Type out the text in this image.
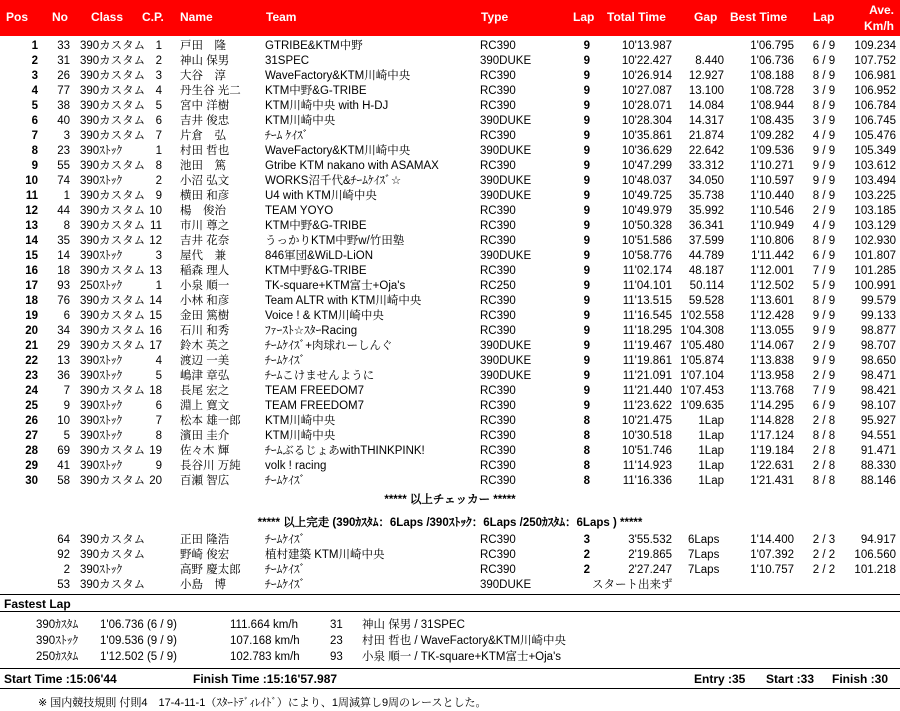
Pos No Class C.P. Name	Team	Type	Lap Total Time Gap Best Time Lap	Ave.
Km/h
1	33 390カスタム 1 戸田　隆	GTRIBE&KTM中野	RC390	9	10'13.987	1'06.795	6 / 9	109.234
2	31 390カスタム 2 神山 保男	31SPEC	390DUKE	9	10'22.427	8.440	1'06.736	6 / 9	107.752
3	26 390カスタム 3 大谷　淳	WaveFactory&KTM川崎中央	RC390	9	10'26.914	12.927	1'08.188	8 / 9	106.981
4	77 390カスタム 4 丹生谷 光二 KTM中野&G-TRIBE	RC390	9	10'27.087	13.100	1'08.728	3 / 9	106.952
5	38 390カスタム 5 宮中 洋樹	KTM川崎中央 with H-DJ	RC390	9	10'28.071	14.084	1'08.944	8 / 9	106.784
6	40 390カスタム 6 吉井 俊忠	KTM川崎中央	390DUKE	9	10'28.304	14.317	1'08.435	3 / 9	106.745
7	3 390カスタム 7 片倉　弘	ﾁｰﾑ ｹｲｽﾞ	RC390	9	10'35.861	21.874	1'09.282	4 / 9	105.476
8	23 390ｽﾄｯｸ	1 村田 哲也	WaveFactory&KTM川崎中央	390DUKE	9	10'36.629	22.642	1'09.536	9 / 9	105.349
9	55 390カスタム 8 池田　篤	Gtribe KTM nakano with ASAMAX	RC390	9	10'47.299	33.312	1'10.271	9 / 9	103.612
10	74 390ｽﾄｯｸ	2 小沼 弘文	WORKS沼千代&ﾁｰﾑｹｲｽﾞ☆	390DUKE	9	10'48.037	34.050	1'10.597	9 / 9	103.494
11	1 390カスタム 9 横田 和彦	U4 with KTM川崎中央	390DUKE	9	10'49.725	35.738	1'10.440	8 / 9	103.225
12	44 390カスタム 10 楊　俊治	TEAM YOYO	RC390	9	10'49.979	35.992	1'10.546	2 / 9	103.185
13	8 390カスタム 11 市川 尊之	KTM中野&G-TRIBE	RC390	9	10'50.328	36.341	1'10.949	4 / 9	103.129
14	35 390カスタム 12 吉井 花奈	うっかりKTM中野w/竹田塾	RC390	9	10'51.586	37.599	1'10.806	8 / 9	102.930
15	14 390ｽﾄｯｸ	3 屋代　兼	846軍団&WiLD-LiON	390DUKE	9	10'58.776	44.789	1'11.442	6 / 9	101.807
16	18 390カスタム 13 稲森 理人	KTM中野&G-TRIBE	RC390	9	11'02.174	48.187	1'12.001	7 / 9	101.285
17	93 250ｽﾄｯｸ	1 小泉 順一	TK-square+KTM富士+Oja's	RC250	9	11'04.101	50.114	1'12.502	5 / 9	100.991
18	76 390カスタム 14 小林 和彦	Team ALTR with KTM川崎中央	RC390	9	11'13.515	59.528	1'13.601	8 / 9	99.579
19	6 390カスタム 15 金田 篤樹	Voice ! & KTM川崎中央	RC390	9	11'16.545 1'02.558	1'12.428	9 / 9	99.133
20	34 390カスタム 16 石川 和秀	ﾌｧｰｽﾄ☆ｽﾀｰRacing	RC390	9	11'18.295 1'04.308	1'13.055	9 / 9	98.877
21	29 390カスタム 17 鈴木 英之	ﾁｰﾑｹｲｽﾞ+肉球れーしんぐ	390DUKE	9	11'19.467 1'05.480	1'14.067	2 / 9	98.707
22	13 390ｽﾄｯｸ	4 渡辺 一美	ﾁｰﾑｹｲｽﾞ	390DUKE	9	11'19.861 1'05.874	1'13.838	9 / 9	98.650
23	36 390ｽﾄｯｸ	5 嶋津 章弘	ﾁｰﾑこけませんように	390DUKE	9	11'21.091 1'07.104	1'13.958	2 / 9	98.471
24	7 390カスタム 18 長尾 宏之	TEAM FREEDOM7	RC390	9	11'21.440 1'07.453	1'13.768	7 / 9	98.421
25	9 390ｽﾄｯｸ	6 淵上 寛文	TEAM FREEDOM7	RC390	9	11'23.622 1'09.635	1'14.295	6 / 9	98.107
26	10 390ｽﾄｯｸ	7 松本 雄一郎 KTM川崎中央	RC390	8	10'21.475	1Lap	1'14.828	2 / 8	95.927
27	5 390ｽﾄｯｸ	8 濱田 圭介	KTM川崎中央	RC390	8	10'30.518	1Lap	1'17.124	8 / 8	94.551
28	69 390カスタム 19 佐々木 輝	ﾁｰﾑぶるじょあwithTHINKPINK!	RC390	8	10'51.746	1Lap	1'19.184	2 / 8	91.471
29	41 390ｽﾄｯｸ	9 長谷川 万純 volk ! racing	RC390	8	11'14.923	1Lap	1'22.631	2 / 8	88.330
30	58 390カスタム 20 百瀬 智広	ﾁｰﾑｹｲｽﾞ	RC390	8	11'16.336	1Lap	1'21.431	8 / 8	88.146
***** 以上チェッカー *****
***** 以上完走 (390ｶｽﾀﾑ：6Laps /390ｽﾄｯｸ：6Laps /250ｶｽﾀﾑ：6Laps ) *****
64 390カスタム	正田 隆浩	ﾁｰﾑｹｲｽﾞ	RC390	3	3'55.532 6Laps	1'14.400	2 / 3	94.917
92 390カスタム	野崎 俊宏	植村建築 KTM川崎中央	RC390	2	2'19.865 7Laps	1'07.392	2 / 2	106.560
2 390ｽﾄｯｸ	高野 慶太郎 ﾁｰﾑｹｲｽﾞ	RC390	2	2'27.247 7Laps	1'10.757	2 / 2	101.218
53 390カスタム	小島　博	ﾁｰﾑｹｲｽﾞ	390DUKE	スタート出来ず
Fastest Lap
390ｶｽﾀﾑ 1'06.736 (6 / 9)	111.664 km/h	31 神山 保男 / 31SPEC
390ｽﾄｯｸ 1'09.536 (9 / 9)	107.168 km/h	23 村田 哲也 / WaveFactory&KTM川崎中央
250ｶｽﾀﾑ 1'12.502 (5 / 9)	102.783 km/h	93 小泉 順一 / TK-square+KTM富士+Oja's
Start Time :15:06'44	Finish Time :15:16'57.987	Entry :35 Start :33 Finish :30
※ 国内競技規則 付則4　17-4-11-1（ｽﾀｰﾄﾃﾞｨﾚｲﾄﾞ）により、1周減算し9周のレースとした。
